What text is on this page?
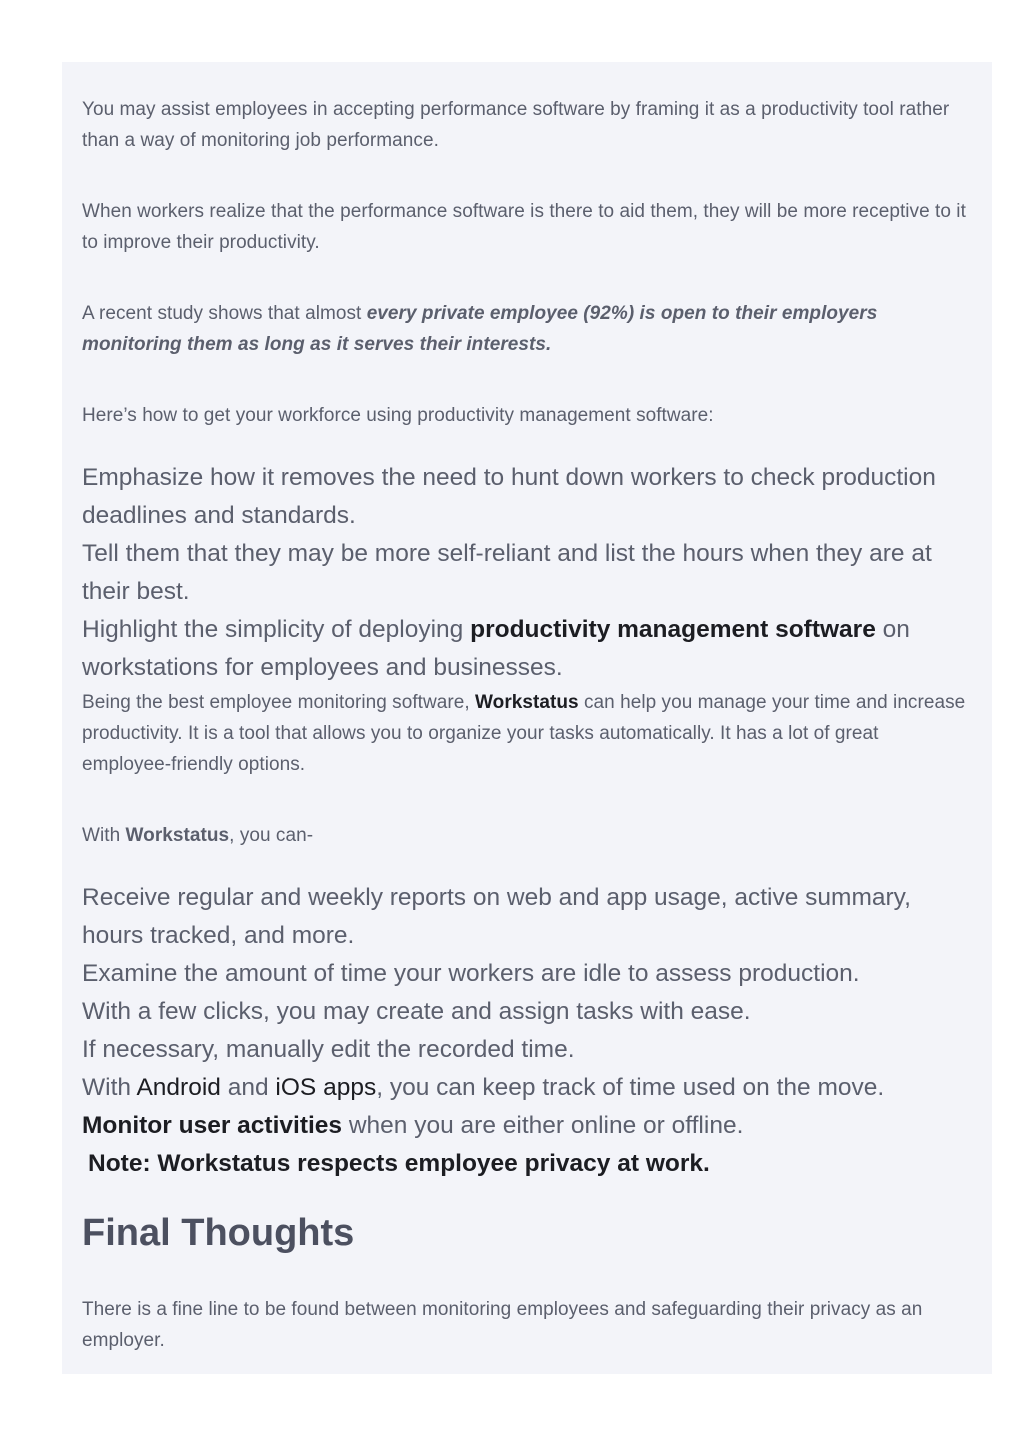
You may assist employees in accepting performance software by framing it as a productivity tool rather than a way of monitoring job performance.

When workers realize that the performance software is there to aid them, they will be more receptive to it to improve their productivity.

A recent study shows that almost every private employee (92%) is open to their employers monitoring them as long as it serves their interests.

Here’s how to get your workforce using productivity management software:

Emphasize how it removes the need to hunt down workers to check production deadlines and standards.
Tell them that they may be more self-reliant and list the hours when they are at their best.
Highlight the simplicity of deploying productivity management software on workstations for employees and businesses.

Being the best employee monitoring software, Workstatus can help you manage your time and increase productivity. It is a tool that allows you to organize your tasks automatically. It has a lot of great employee-friendly options.

With Workstatus, you can-

Receive regular and weekly reports on web and app usage, active summary, hours tracked, and more.
Examine the amount of time your workers are idle to assess production.
With a few clicks, you may create and assign tasks with ease.
If necessary, manually edit the recorded time.
With Android and iOS apps, you can keep track of time used on the move.
Monitor user activities when you are either online or offline.
Note: Workstatus respects employee privacy at work.
Final Thoughts

There is a fine line to be found between monitoring employees and safeguarding their privacy as an employer.
